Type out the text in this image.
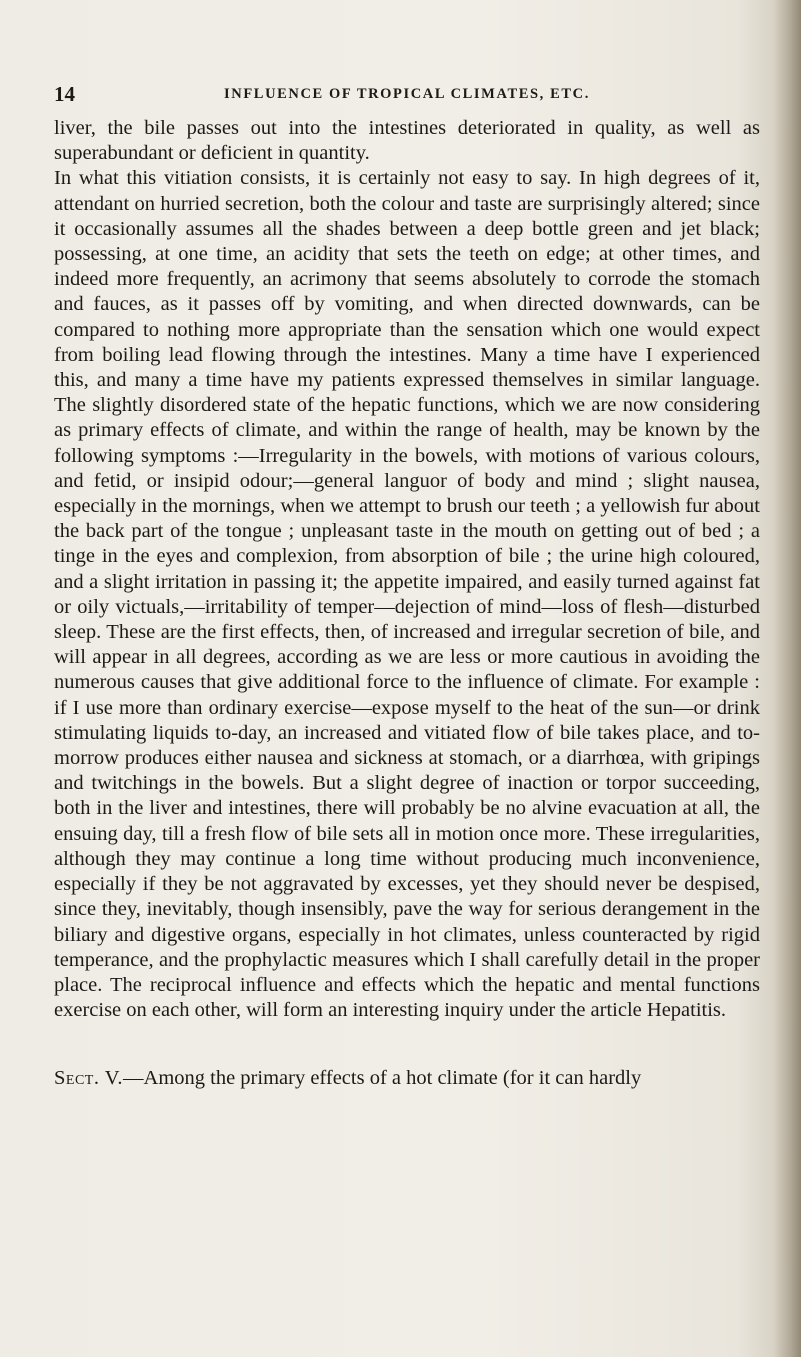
14	INFLUENCE OF TROPICAL CLIMATES, ETC.

liver, the bile passes out into the intestines deteriorated in quality, as well as superabundant or deficient in quantity.

In what this vitiation consists, it is certainly not easy to say. In high degrees of it, attendant on hurried secretion, both the colour and taste are surprisingly altered; since it occasionally assumes all the shades between a deep bottle green and jet black; possessing, at one time, an acidity that sets the teeth on edge; at other times, and indeed more frequently, an acrimony that seems absolutely to corrode the stomach and fauces, as it passes off by vomiting, and when directed downwards, can be compared to nothing more appropriate than the sensation which one would expect from boiling lead flowing through the intestines. Many a time have I experienced this, and many a time have my patients expressed themselves in similar language. The slightly disordered state of the hepatic functions, which we are now considering as primary effects of climate, and within the range of health, may be known by the following symptoms :—Irregularity in the bowels, with motions of various colours, and fetid, or insipid odour;—general languor of body and mind ; slight nausea, especially in the mornings, when we attempt to brush our teeth ; a yellowish fur about the back part of the tongue ; unpleasant taste in the mouth on getting out of bed ; a tinge in the eyes and complexion, from absorption of bile ; the urine high coloured, and a slight irritation in passing it; the appetite impaired, and easily turned against fat or oily victuals,—irritability of temper—dejection of mind—loss of flesh—disturbed sleep. These are the first effects, then, of increased and irregular secretion of bile, and will appear in all degrees, according as we are less or more cautious in avoiding the numerous causes that give additional force to the influence of climate. For example : if I use more than ordinary exercise—expose myself to the heat of the sun—or drink stimulating liquids to-day, an increased and vitiated flow of bile takes place, and to-morrow produces either nausea and sickness at stomach, or a diarrhœa, with gripings and twitchings in the bowels. But a slight degree of inaction or torpor succeeding, both in the liver and intestines, there will probably be no alvine evacuation at all, the ensuing day, till a fresh flow of bile sets all in motion once more. These irregularities, although they may continue a long time without producing much inconvenience, especially if they be not aggravated by excesses, yet they should never be despised, since they, inevitably, though insensibly, pave the way for serious derangement in the biliary and digestive organs, especially in hot climates, unless counteracted by rigid temperance, and the prophylactic measures which I shall carefully detail in the proper place. The reciprocal influence and effects which the hepatic and mental functions exercise on each other, will form an interesting inquiry under the article Hepatitis.

Sect. V.—Among the primary effects of a hot climate (for it can hardly
